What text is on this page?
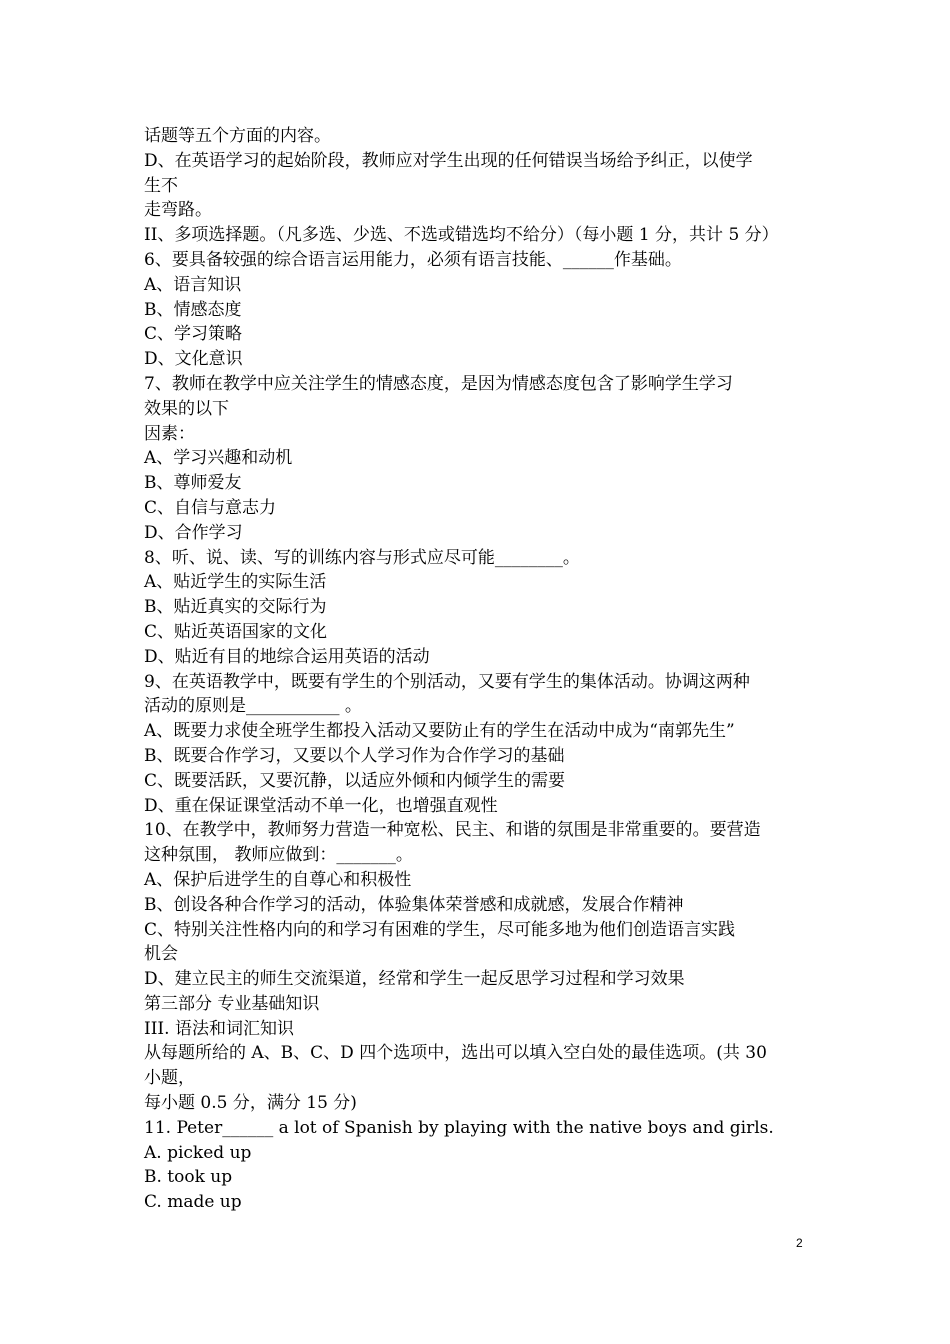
话题等五个方面的内容。
D、在英语学习的起始阶段，教师应对学生出现的任何错误当场给予纠正，以使学
生不
走弯路。
II、多项选择题。（凡多选、少选、不选或错选均不给分）（每小题 1 分，共计 5 分）
6、要具备较强的综合语言运用能力，必须有语言技能、______作基础。
A、语言知识
B、情感态度
C、学习策略
D、文化意识
7、教师在教学中应关注学生的情感态度，是因为情感态度包含了影响学生学习
效果的以下
因素：
A、学习兴趣和动机
B、尊师爱友
C、自信与意志力
D、合作学习
8、听、说、读、写的训练内容与形式应尽可能________。
A、贴近学生的实际生活
B、贴近真实的交际行为
C、贴近英语国家的文化
D、贴近有目的地综合运用英语的活动
9、在英语教学中，既要有学生的个别活动，又要有学生的集体活动。协调这两种
活动的原则是___________ 。
A、既要力求使全班学生都投入活动又要防止有的学生在活动中成为“南郭先生”
B、既要合作学习，又要以个人学习作为合作学习的基础
C、既要活跃，又要沉静，以适应外倾和内倾学生的需要
D、重在保证课堂活动不单一化，也增强直观性
10、在教学中，教师努力营造一种宽松、民主、和谐的氛围是非常重要的。要营造
这种氛围， 教师应做到：_______。
A、保护后进学生的自尊心和积极性
B、创设各种合作学习的活动，体验集体荣誉感和成就感，发展合作精神
C、特别关注性格内向的和学习有困难的学生，尽可能多地为他们创造语言实践
机会
D、建立民主的师生交流渠道，经常和学生一起反思学习过程和学习效果
第三部分 专业基础知识
III. 语法和词汇知识
从每题所给的 A、B、C、D 四个选项中，选出可以填入空白处的最佳选项。(共 30
小题，
每小题 0.5 分，满分 15 分)
11. Peter______ a lot of Spanish by playing with the native boys and girls.
A. picked up
B. took up
C. made up
2
